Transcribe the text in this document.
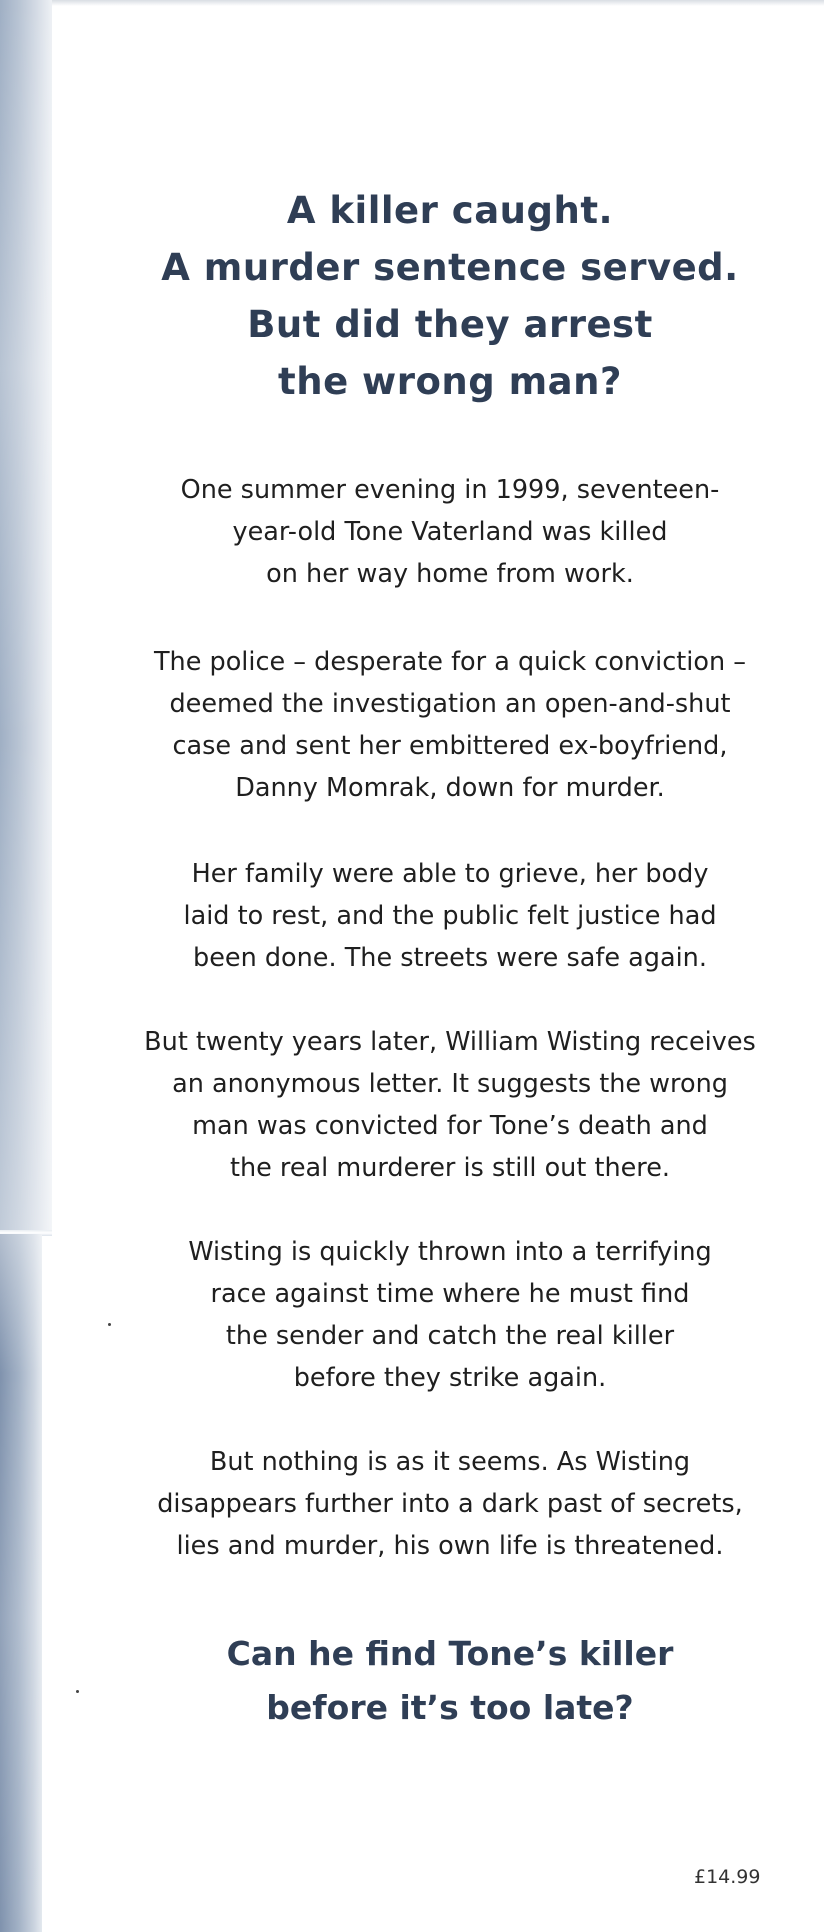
A killer caught.
A murder sentence served.
But did they arrest
the wrong man?

One summer evening in 1999, seventeen-
year-old Tone Vaterland was killed
on her way home from work.

The police – desperate for a quick conviction –
deemed the investigation an open-and-shut
case and sent her embittered ex-boyfriend,
Danny Momrak, down for murder.

Her family were able to grieve, her body
laid to rest, and the public felt justice had
been done. The streets were safe again.

But twenty years later, William Wisting receives
an anonymous letter. It suggests the wrong
man was convicted for Tone’s death and
the real murderer is still out there.

Wisting is quickly thrown into a terrifying
race against time where he must find
the sender and catch the real killer
before they strike again.

But nothing is as it seems. As Wisting
disappears further into a dark past of secrets,
lies and murder, his own life is threatened.

Can he find Tone’s killer
before it’s too late?
£14.99
